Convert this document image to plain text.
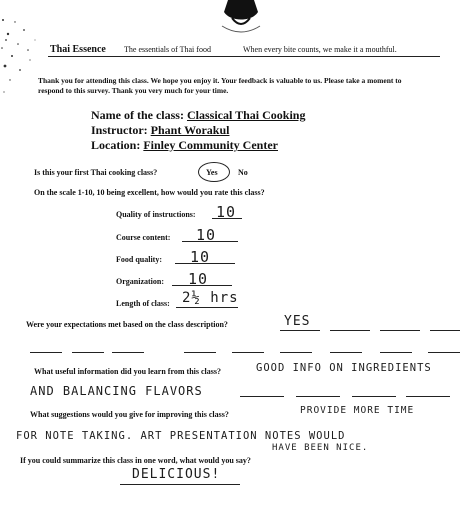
Thai Essence The essentials of Thai food	When every bite counts, we make it a mouthful.
Thank you for attending this class. We hope you enjoy it. Your feedback is valuable to us. Please take a moment to respond to this survey. Thank you very much for your time.
Name of the class: Classical Thai Cooking
Instructor: Phant Worakul
Location: Finley Community Center
Is this your first Thai cooking class?	Yes	No
On the scale 1-10, 10 being excellent, how would you rate this class?
Quality of instructions: 10
Course content: 10
Food quality: 10
Organization: 10
Length of class: 2½ hrs
Were your expectations met based on the class description?	YES
What useful information did you learn from this class?	GOOD INFO ON INGREDIENTS
AND BALANCING FLAVORS
What suggestions would you give for improving this class?	PROVIDE MORE TIME
FOR NOTE TAKING. ART PRESENTATION NOTES WOULD
HAVE BEEN NICE.
If you could summarize this class in one word, what would you say?
DELICIOUS!
